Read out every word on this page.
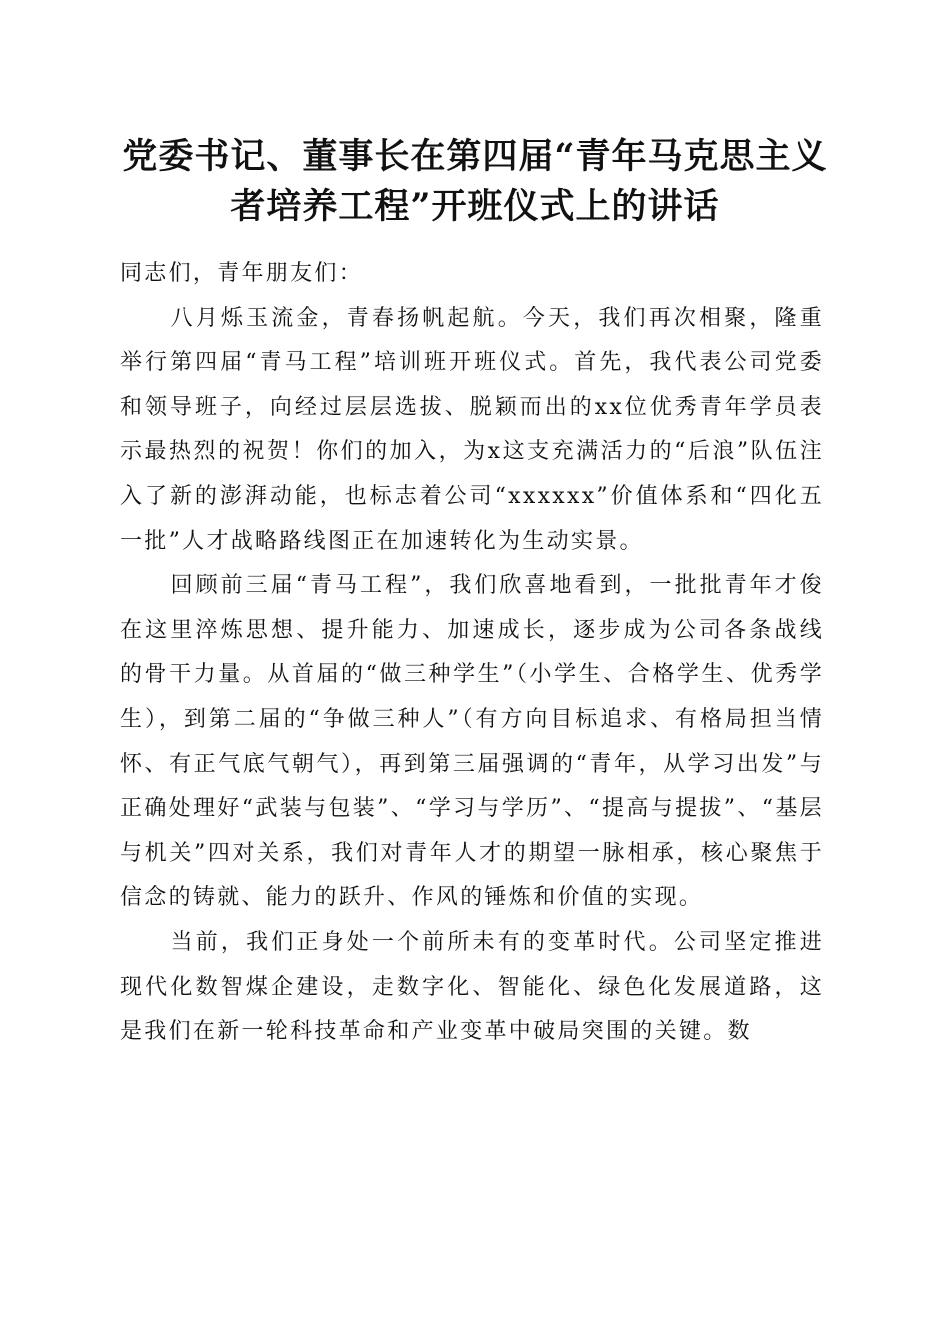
党委书记、董事长在第四届“青年马克思主义
者培养工程”开班仪式上的讲话

同志们，青年朋友们：

八月烁玉流金，青春扬帆起航。今天，我们再次相聚，隆重举行第四届“青马工程”培训班开班仪式。首先，我代表公司党委和领导班子，向经过层层选拔、脱颖而出的xx位优秀青年学员表示最热烈的祝贺！你们的加入，为x这支充满活力的“后浪”队伍注入了新的澎湃动能，也标志着公司“xxxxxx”价值体系和“四化五一批”人才战略路线图正在加速转化为生动实景。

回顾前三届“青马工程”，我们欣喜地看到，一批批青年才俊在这里淬炼思想、提升能力、加速成长，逐步成为公司各条战线的骨干力量。从首届的“做三种学生”（小学生、合格学生、优秀学生），到第二届的“争做三种人”（有方向目标追求、有格局担当情怀、有正气底气朝气），再到第三届强调的“青年，从学习出发”与正确处理好“武装与包装”、“学习与学历”、“提高与提拔”、“基层与机关”四对关系，我们对青年人才的期望一脉相承，核心聚焦于信念的铸就、能力的跃升、作风的锤炼和价值的实现。

当前，我们正身处一个前所未有的变革时代。公司坚定推进现代化数智煤企建设，走数字化、智能化、绿色化发展道路，这是我们在新一轮科技革命和产业变革中破局突围的关键。数
